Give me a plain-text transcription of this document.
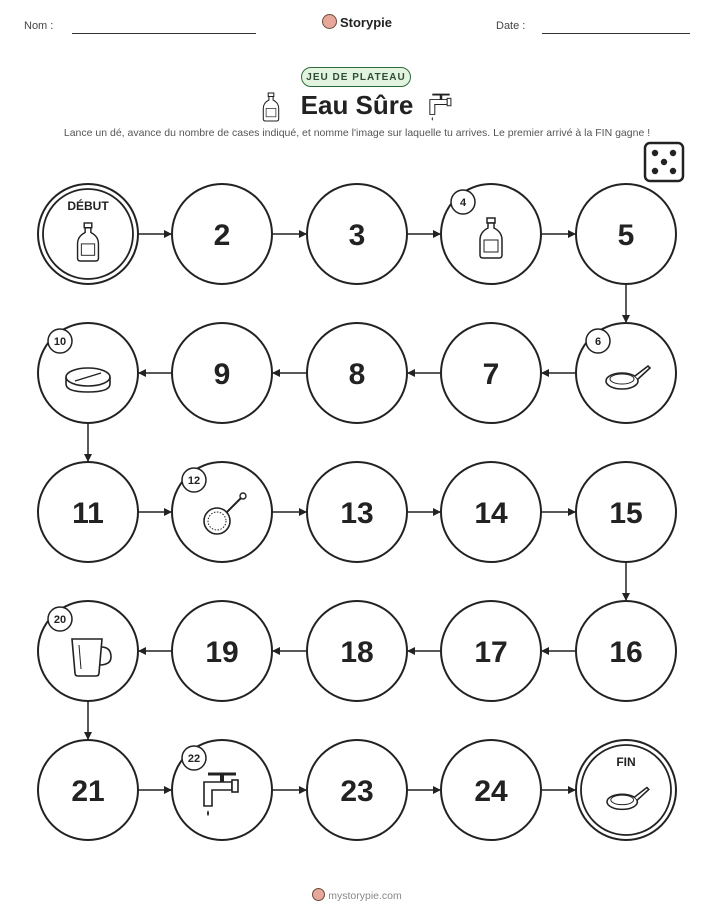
Nom :	Storypie	Date :
JEU DE PLATEAU
DÉBUT
2	3
4
5
6
7
8
9
10
11
12
13	14	15
16
17
18
19
20
21
22
23	24
FIN
Eau Sûre
Lance un dé, avance du nombre de cases indiqué, et nomme l'image sur laquelle tu arrives. Le premier arrivé à la FIN gagne !
mystorypie.com
